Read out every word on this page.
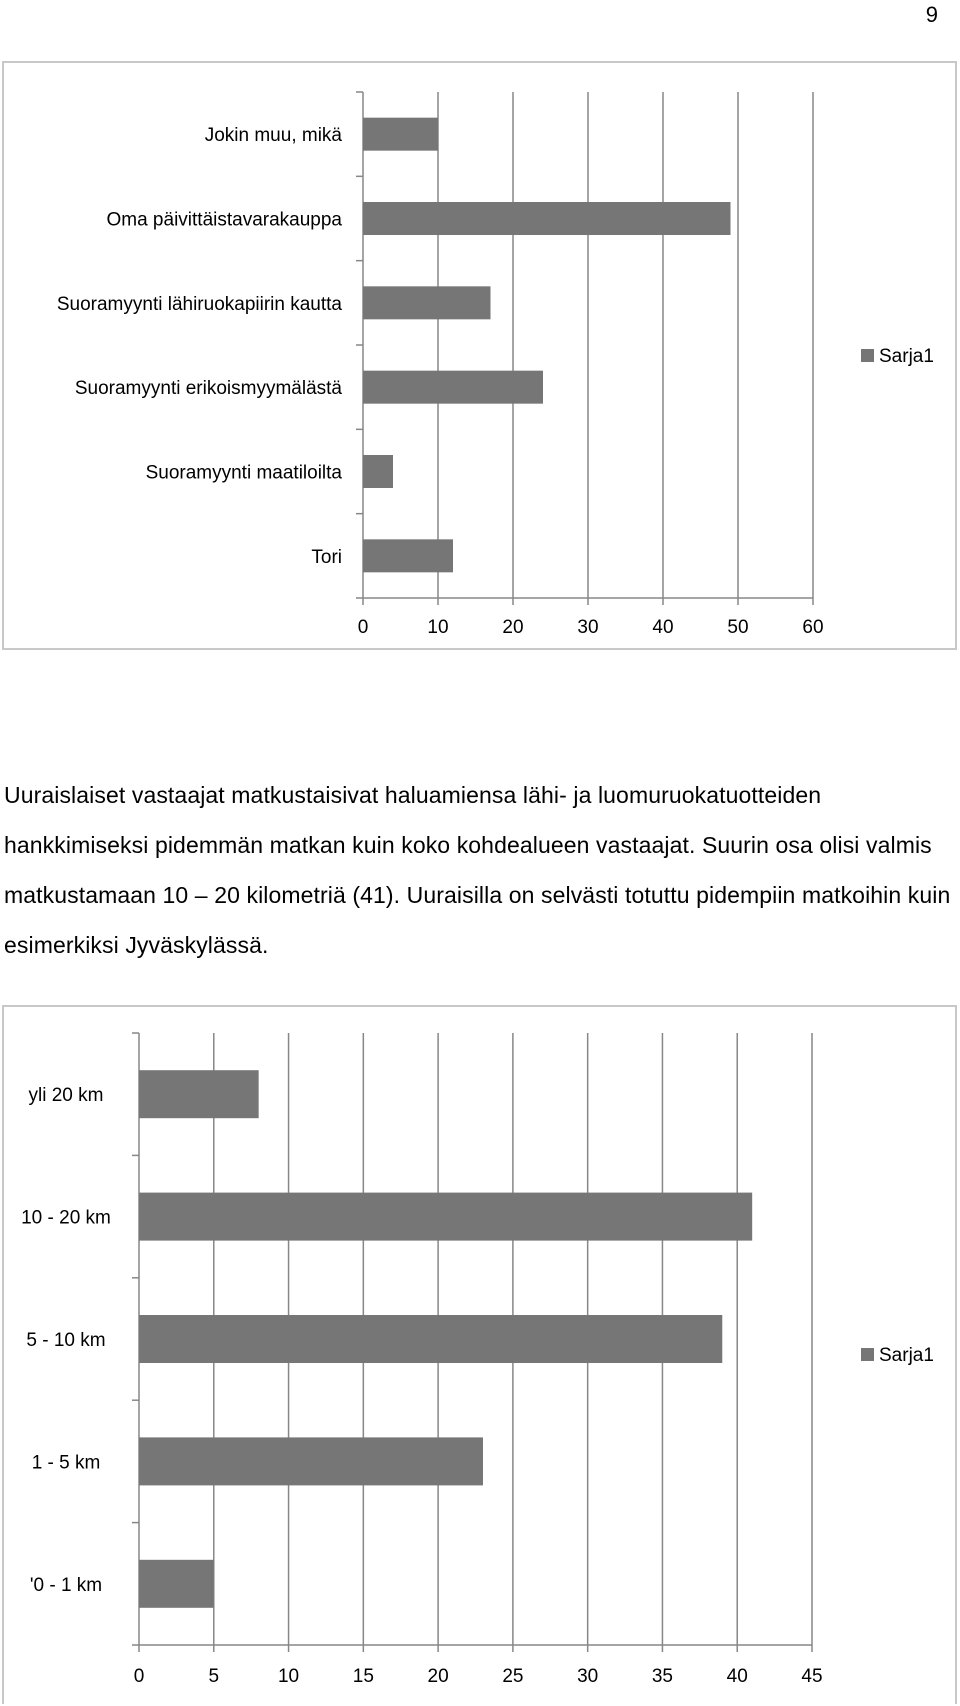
9
0	10	20	30	40	50	60
Jokin muu, mikä
Oma päivittäistavarakauppa
Suoramyynti lähiruokapiirin kautta
Suoramyynti erikoismyymälästä
Suoramyynti maatiloilta
Tori
Sarja1

Uuraislaiset vastaajat matkustaisivat haluamiensa lähi- ja luomuruokatuotteiden hankkimiseksi pidemmän matkan kuin koko kohdealueen vastaajat. Suurin osa olisi valmis matkustamaan 10 – 20 kilometriä (41). Uuraisilla on selvästi totuttu pidempiin matkoihin kuin esimerkiksi Jyväskylässä.

0	5	10	15	20	25	30	35	40	45
yli 20 km
10 - 20 km
5 - 10 km
1 - 5 km
'0 - 1 km
Sarja1
